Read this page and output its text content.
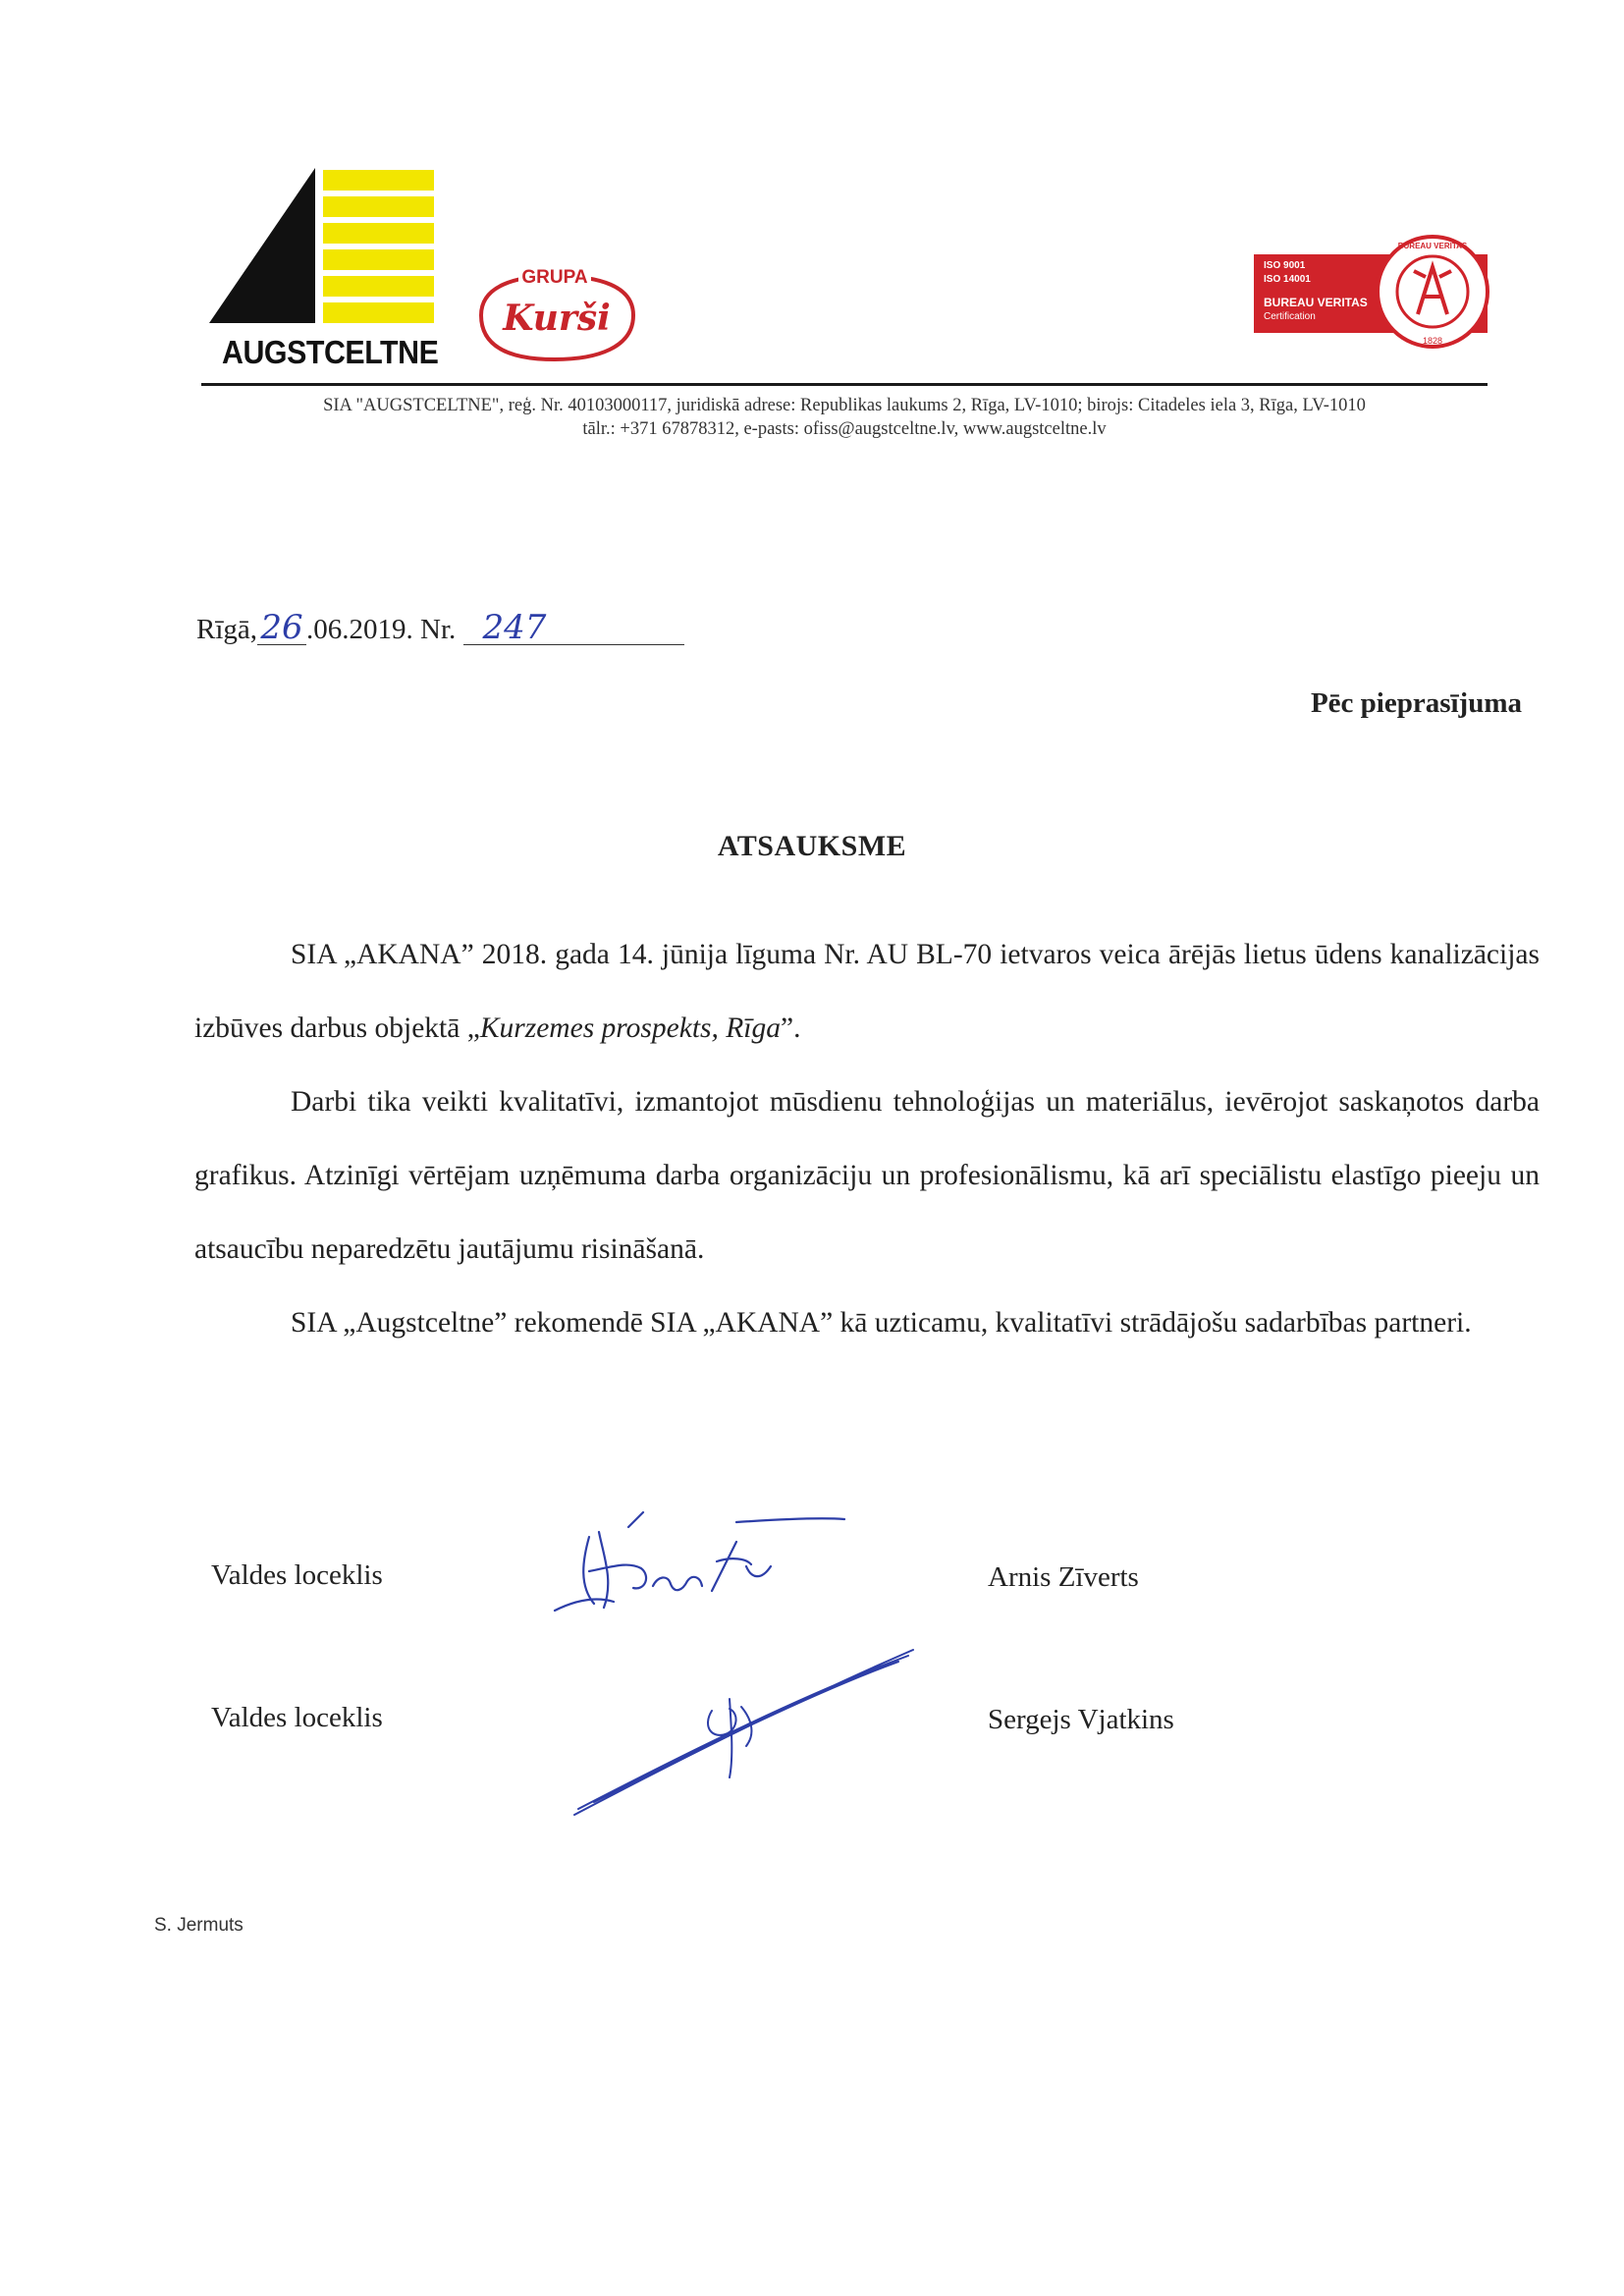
AUGSTCELTNE
GRUPA
Kurši
ISO 9001
ISO 14001
BUREAU VERITAS
Certification
BUREAU VERITAS
1828
SIA "AUGSTCELTNE", reģ. Nr. 40103000117, juridiskā adrese: Republikas laukums 2, Rīga, LV-1010; birojs: Citadeles iela 3, Rīga, LV-1010
tālr.: +371 67878312, e-pasts: ofiss@augstceltne.lv, www.augstceltne.lv
Rīgā,26 .06.2019. Nr. 247
Pēc pieprasījuma
ATSAUKSME
SIA „AKANA” 2018. gada 14. jūnija līguma Nr. AU BL-70 ietvaros veica ārējās lietus ūdens kanalizācijas izbūves darbus objektā „Kurzemes prospekts, Rīga”.
Darbi tika veikti kvalitatīvi, izmantojot mūsdienu tehnoloģijas un materiālus, ievērojot saskaņotos darba grafikus. Atzinīgi vērtējam uzņēmuma darba organizāciju un profesionālismu, kā arī speciālistu elastīgo pieeju un atsaucību neparedzētu jautājumu risināšanā.
SIA „Augstceltne” rekomendē SIA „AKANA” kā uzticamu, kvalitatīvi strādājošu sadarbības partneri.
Valdes loceklis	Arnis Zīverts
Valdes loceklis	Sergejs Vjatkins
S. Jermuts
